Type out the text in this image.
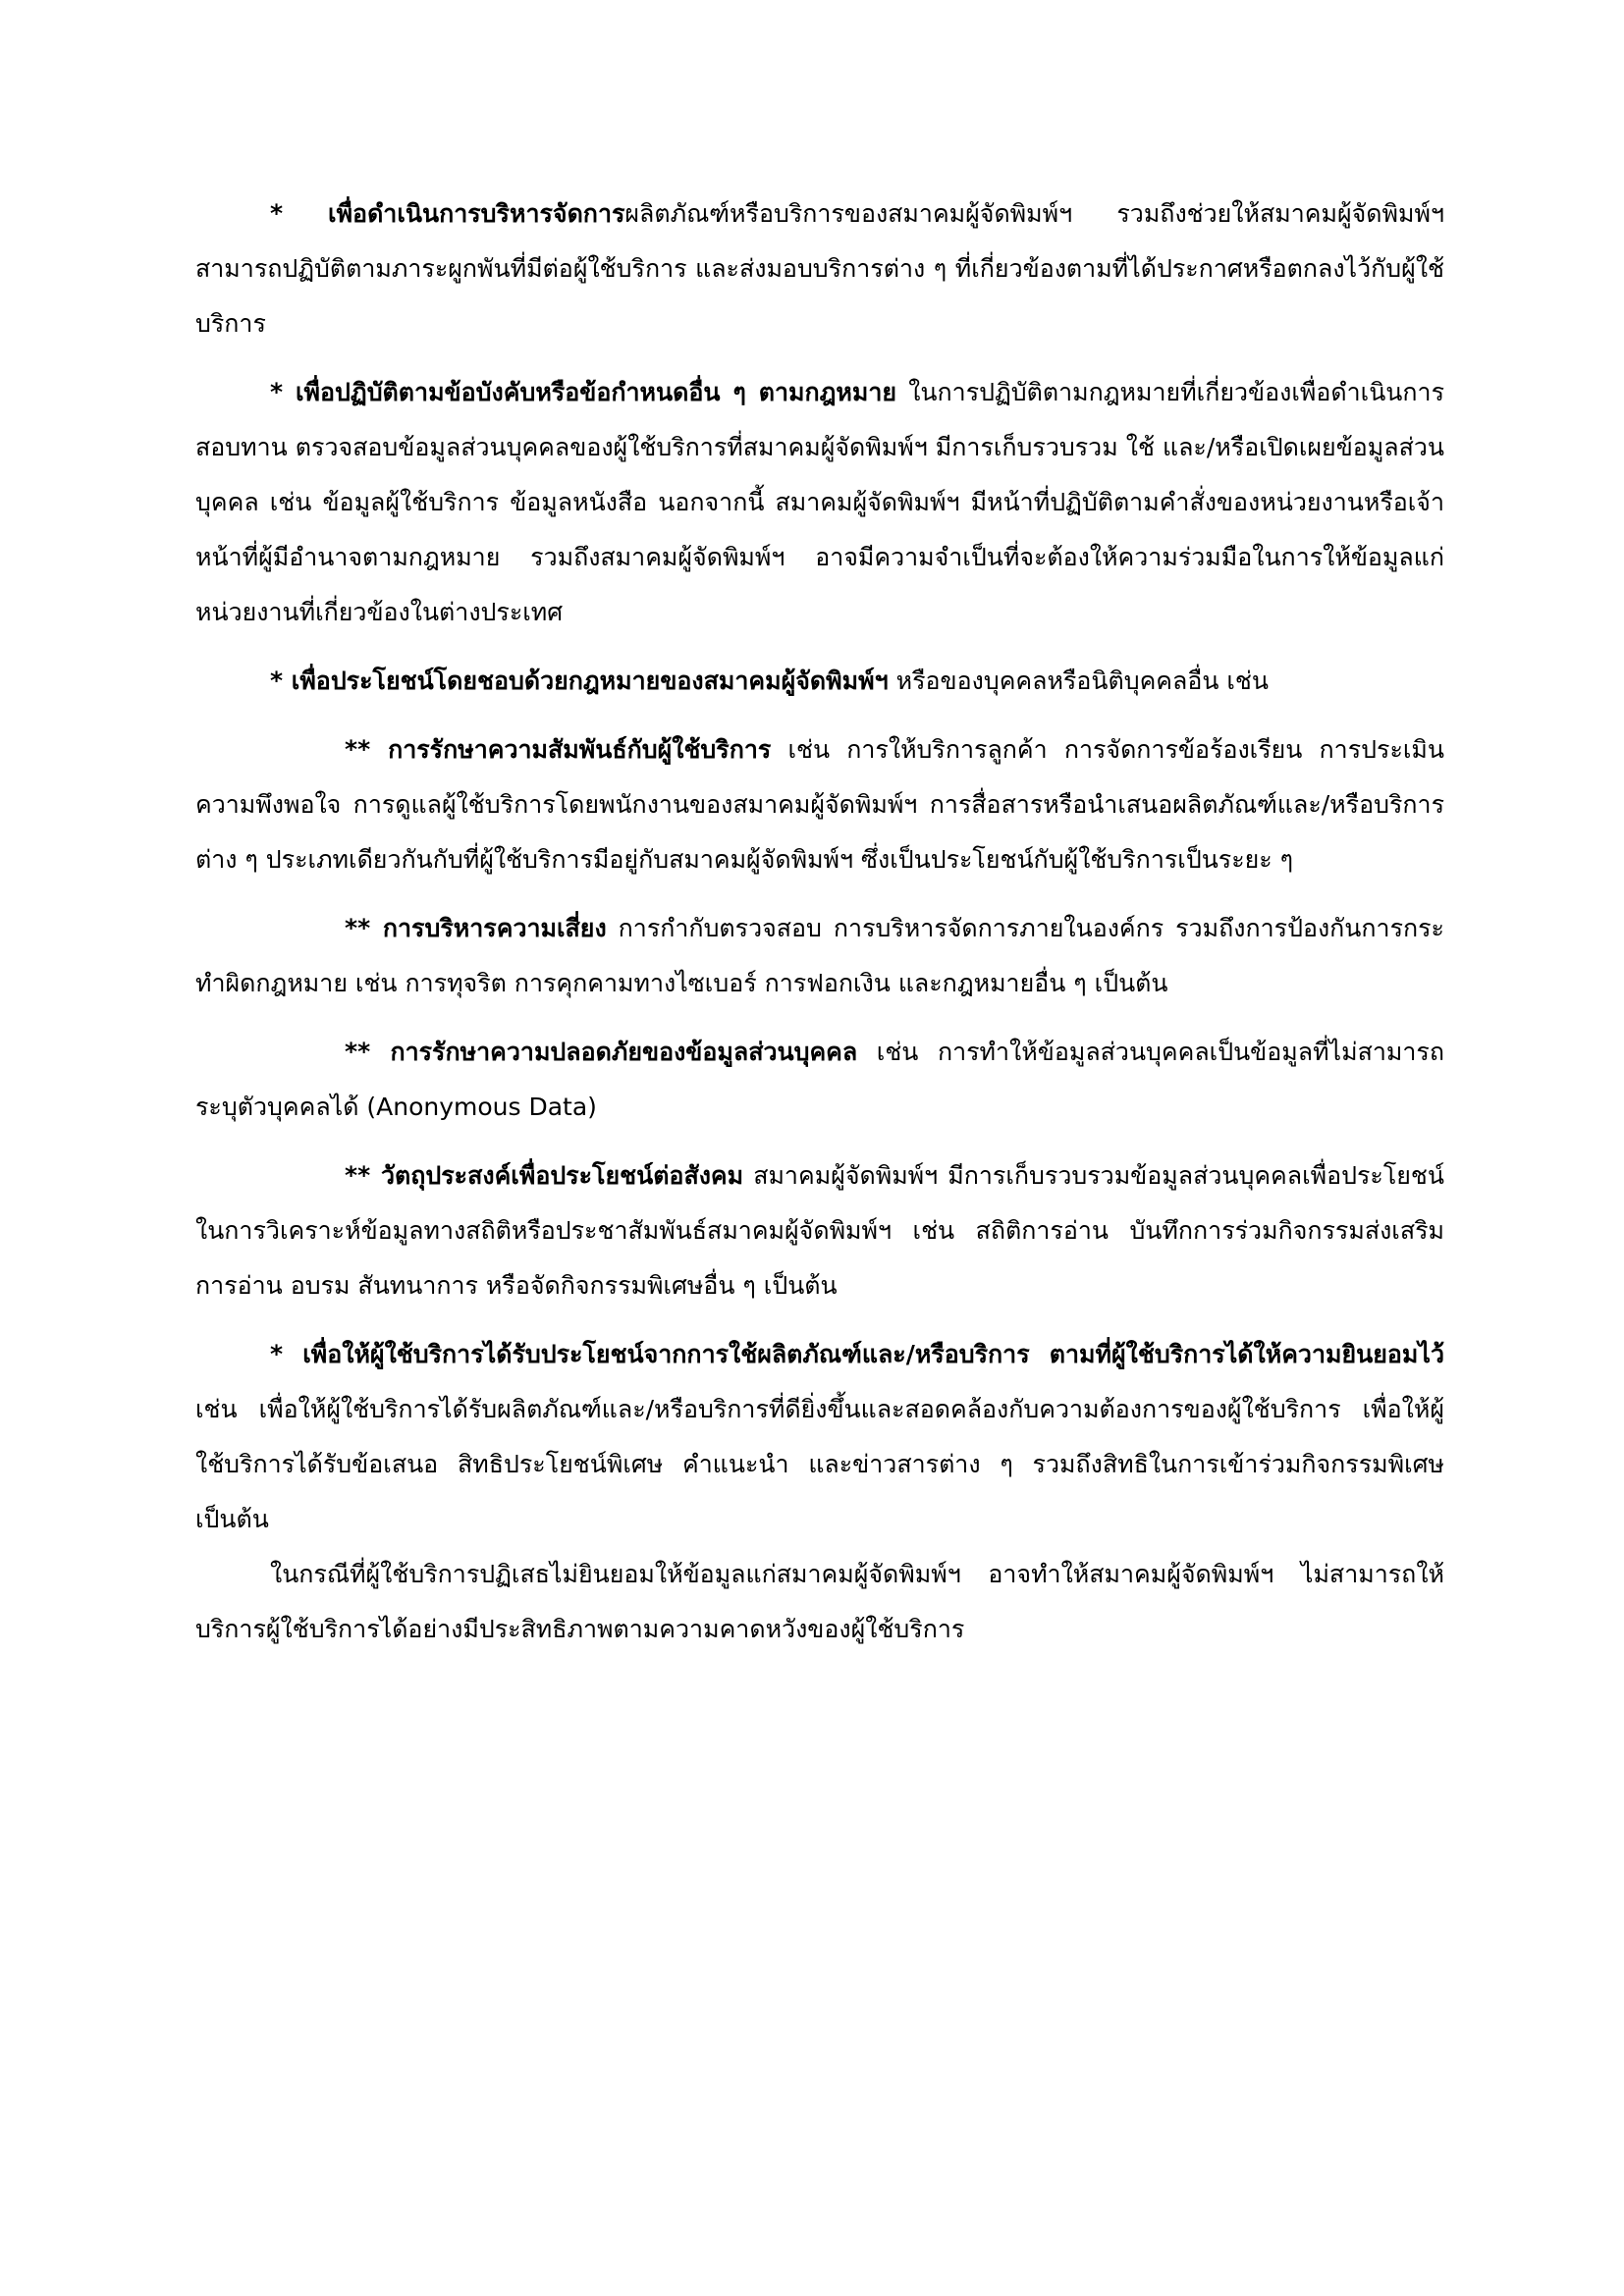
* เพื่อดำเนินการบริหารจัดการผลิตภัณฑ์หรือบริการของสมาคมผู้จัดพิมพ์ฯ รวมถึงช่วยให้สมาคมผู้จัดพิมพ์ฯ สามารถปฏิบัติตามภาระผูกพันที่มีต่อผู้ใช้บริการ และส่งมอบบริการต่าง ๆ ที่เกี่ยวข้องตามที่ได้ประกาศหรือตกลงไว้กับผู้ใช้บริการ

* เพื่อปฏิบัติตามข้อบังคับหรือข้อกำหนดอื่น ๆ ตามกฎหมาย ในการปฏิบัติตามกฎหมายที่เกี่ยวข้องเพื่อดำเนินการสอบทาน ตรวจสอบข้อมูลส่วนบุคคลของผู้ใช้บริการที่สมาคมผู้จัดพิมพ์ฯ มีการเก็บรวบรวม ใช้ และ/หรือเปิดเผยข้อมูลส่วนบุคคล เช่น ข้อมูลผู้ใช้บริการ ข้อมูลหนังสือ นอกจากนี้ สมาคมผู้จัดพิมพ์ฯ มีหน้าที่ปฏิบัติตามคำสั่งของหน่วยงานหรือเจ้าหน้าที่ผู้มีอำนาจตามกฎหมาย รวมถึงสมาคมผู้จัดพิมพ์ฯ อาจมีความจำเป็นที่จะต้องให้ความร่วมมือในการให้ข้อมูลแก่หน่วยงานที่เกี่ยวข้องในต่างประเทศ

* เพื่อประโยชน์โดยชอบด้วยกฎหมายของสมาคมผู้จัดพิมพ์ฯ หรือของบุคคลหรือนิติบุคคลอื่น เช่น

** การรักษาความสัมพันธ์กับผู้ใช้บริการ เช่น การให้บริการลูกค้า การจัดการข้อร้องเรียน การประเมินความพึงพอใจ การดูแลผู้ใช้บริการโดยพนักงานของสมาคมผู้จัดพิมพ์ฯ การสื่อสารหรือนำเสนอผลิตภัณฑ์และ/หรือบริการต่าง ๆ ประเภทเดียวกันกับที่ผู้ใช้บริการมีอยู่กับสมาคมผู้จัดพิมพ์ฯ ซึ่งเป็นประโยชน์กับผู้ใช้บริการเป็นระยะ ๆ

** การบริหารความเสี่ยง การกำกับตรวจสอบ การบริหารจัดการภายในองค์กร รวมถึงการป้องกันการกระทำผิดกฎหมาย เช่น การทุจริต การคุกคามทางไซเบอร์ การฟอกเงิน และกฎหมายอื่น ๆ เป็นต้น

** การรักษาความปลอดภัยของข้อมูลส่วนบุคคล เช่น การทำให้ข้อมูลส่วนบุคคลเป็นข้อมูลที่ไม่สามารถระบุตัวบุคคลได้ (Anonymous Data)

** วัตถุประสงค์เพื่อประโยชน์ต่อสังคม สมาคมผู้จัดพิมพ์ฯ มีการเก็บรวบรวมข้อมูลส่วนบุคคลเพื่อประโยชน์ในการวิเคราะห์ข้อมูลทางสถิติหรือประชาสัมพันธ์สมาคมผู้จัดพิมพ์ฯ เช่น สถิติการอ่าน บันทึกการร่วมกิจกรรมส่งเสริมการอ่าน อบรม สันทนาการ หรือจัดกิจกรรมพิเศษอื่น ๆ เป็นต้น

* เพื่อให้ผู้ใช้บริการได้รับประโยชน์จากการใช้ผลิตภัณฑ์และ/หรือบริการ ตามที่ผู้ใช้บริการได้ให้ความยินยอมไว้ เช่น เพื่อให้ผู้ใช้บริการได้รับผลิตภัณฑ์และ/หรือบริการที่ดียิ่งขึ้นและสอดคล้องกับความต้องการของผู้ใช้บริการ เพื่อให้ผู้ใช้บริการได้รับข้อเสนอ สิทธิประโยชน์พิเศษ คำแนะนำ และข่าวสารต่าง ๆ รวมถึงสิทธิในการเข้าร่วมกิจกรรมพิเศษ เป็นต้น

ในกรณีที่ผู้ใช้บริการปฏิเสธไม่ยินยอมให้ข้อมูลแก่สมาคมผู้จัดพิมพ์ฯ อาจทำให้สมาคมผู้จัดพิมพ์ฯ ไม่สามารถให้บริการผู้ใช้บริการได้อย่างมีประสิทธิภาพตามความคาดหวังของผู้ใช้บริการ
